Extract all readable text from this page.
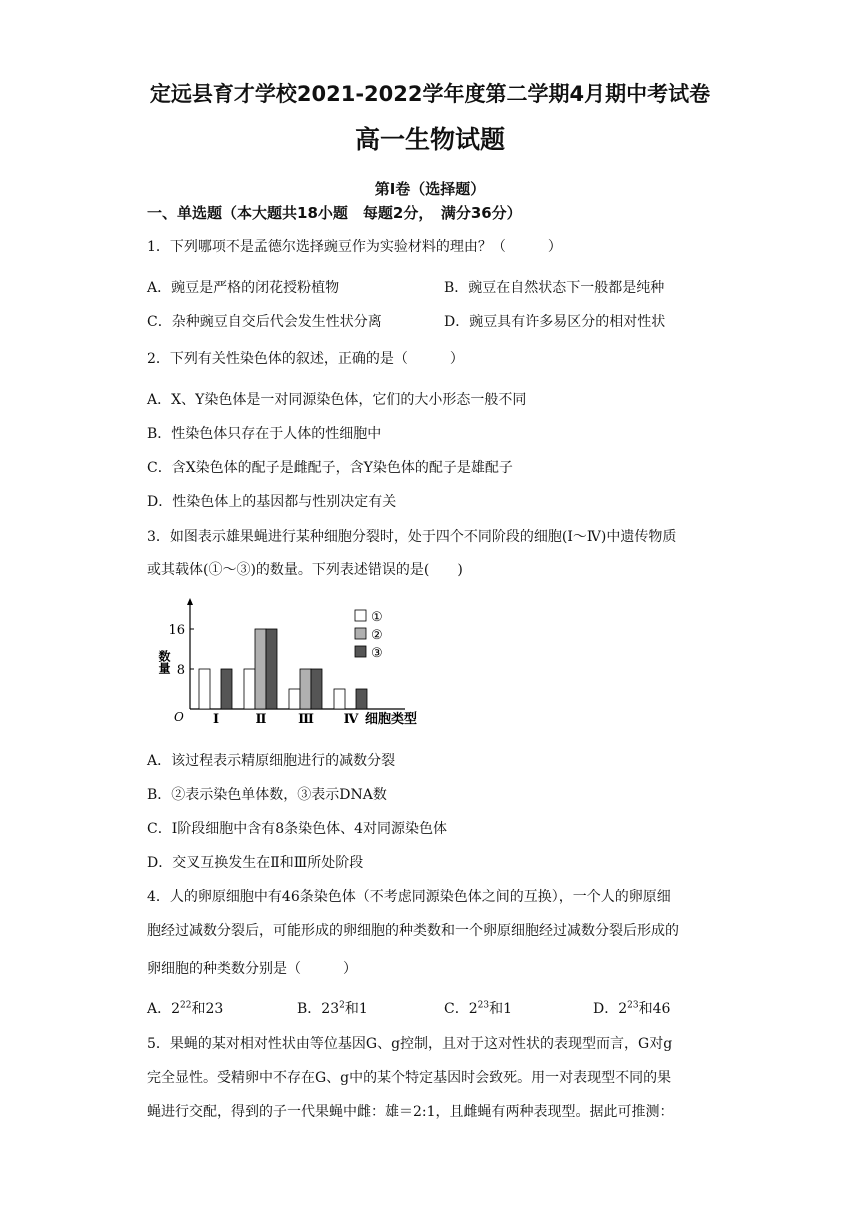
定远县育才学校2021-2022学年度第二学期4月期中考试卷
高一生物试题
第Ⅰ卷（选择题）
一、单选题（本大题共18小题　每题2分，　满分36分）
1．下列哪项不是孟德尔选择豌豆作为实验材料的理由？（　　　）
A．豌豆是严格的闭花授粉植物	B．豌豆在自然状态下一般都是纯种
C．杂种豌豆自交后代会发生性状分离	D．豌豆具有许多易区分的相对性状
2．下列有关性染色体的叙述，正确的是（　　　）
A．X、Y染色体是一对同源染色体，它们的大小形态一般不同
B．性染色体只存在于人体的性细胞中
C．含X染色体的配子是雌配子，含Y染色体的配子是雄配子
D．性染色体上的基因都与性别决定有关
3．如图表示雄果蝇进行某种细胞分裂时，处于四个不同阶段的细胞(Ⅰ～Ⅳ)中遗传物质
或其载体(①～③)的数量。下列表述错误的是(　　)
8
16
O
数量
Ⅰ	Ⅱ Ⅲ Ⅳ 细胞类型
①
②
③
A．该过程表示精原细胞进行的减数分裂
B．②表示染色单体数，③表示DNA数
C．Ⅰ阶段细胞中含有8条染色体、4对同源染色体
D．交叉互换发生在Ⅱ和Ⅲ所处阶段
4．人的卵原细胞中有46条染色体（不考虑同源染色体之间的互换），一个人的卵原细
胞经过减数分裂后，可能形成的卵细胞的种类数和一个卵原细胞经过减数分裂后形成的
卵细胞的种类数分别是（　　　）
A．$2^{22}$和23	B．$23^2$和1	C．$2^{23}$和1	D．$2^{23}$和46
5．果蝇的某对相对性状由等位基因G、g控制，且对于这对性状的表现型而言，G对g
完全显性。受精卵中不存在G、g中的某个特定基因时会致死。用一对表现型不同的果
蝇进行交配，得到的子一代果蝇中雌：雄＝2:1，且雌蝇有两种表现型。据此可推测：
